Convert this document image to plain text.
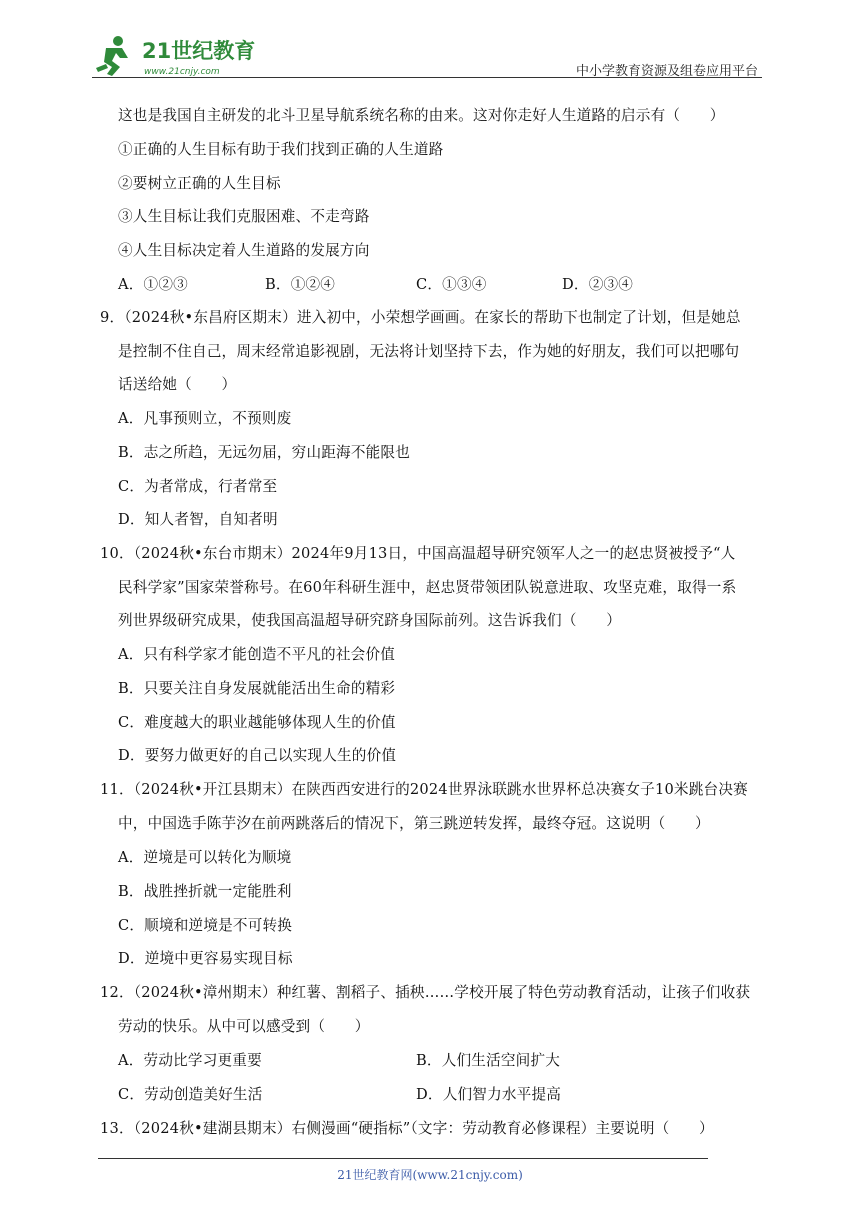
21世纪教育
www.21cnjy.com	中小学教育资源及组卷应用平台
这也是我国自主研发的北斗卫星导航系统名称的由来。这对你走好人生道路的启示有（　　）
①正确的人生目标有助于我们找到正确的人生道路
②要树立正确的人生目标
③人生目标让我们克服困难、不走弯路
④人生目标决定着人生道路的发展方向
A．①②③	B．①②④	C．①③④	D．②③④
9．（2024秋•东昌府区期末）进入初中，小荣想学画画。在家长的帮助下也制定了计划，但是她总
是控制不住自己，周末经常追影视剧，无法将计划坚持下去，作为她的好朋友，我们可以把哪句
话送给她（　　）
A．凡事预则立，不预则废
B．志之所趋，无远勿届，穷山距海不能限也
C．为者常成，行者常至
D．知人者智，自知者明
10．（2024秋•东台市期末）2024年9月13日，中国高温超导研究领军人之一的赵忠贤被授予“人
民科学家”国家荣誉称号。在60年科研生涯中，赵忠贤带领团队锐意进取、攻坚克难，取得一系
列世界级研究成果，使我国高温超导研究跻身国际前列。这告诉我们（　　）
A．只有科学家才能创造不平凡的社会价值
B．只要关注自身发展就能活出生命的精彩
C．难度越大的职业越能够体现人生的价值
D．要努力做更好的自己以实现人生的价值
11．（2024秋•开江县期末）在陕西西安进行的2024世界泳联跳水世界杯总决赛女子10米跳台决赛
中，中国选手陈芋汐在前两跳落后的情况下，第三跳逆转发挥，最终夺冠。这说明（　　）
A．逆境是可以转化为顺境
B．战胜挫折就一定能胜利
C．顺境和逆境是不可转换
D．逆境中更容易实现目标
12．（2024秋•漳州期末）种红薯、割稻子、插秧……学校开展了特色劳动教育活动，让孩子们收获
劳动的快乐。从中可以感受到（　　）
A．劳动比学习更重要	B．人们生活空间扩大
C．劳动创造美好生活	D．人们智力水平提高
13．（2024秋•建湖县期末）右侧漫画“硬指标”（文字：劳动教育必修课程）主要说明（　　）
21世纪教育网(www.21cnjy.com)
